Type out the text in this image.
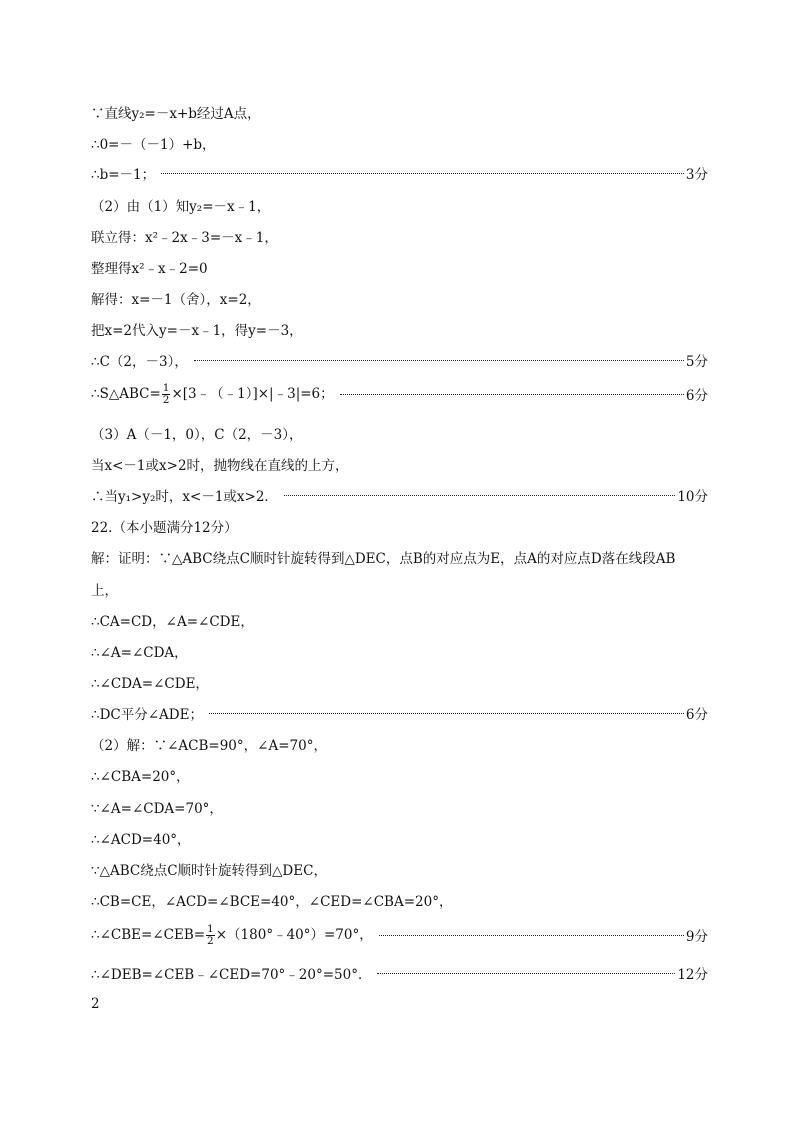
∵直线y₂=－x+b经过A点，
∴0=－（－1）+b，
∴b=－1；	3分
（2）由（1）知y₂=－x﹣1，
联立得：x²﹣2x﹣3=－x﹣1，
整理得x²﹣x﹣2=0
解得：x=－1（舍），x=2，
把x=2代入y=－x﹣1，得y=－3，
∴C（2，－3），	5分
∴S△ABC= $\frac{1}{2}$ ×[3﹣（﹣1）]×|﹣3|=6；	6分
（3）A（－1，0），C（2，－3），
当x<－1或x>2时，抛物线在直线的上方，
∴当y₁>y₂时，x<－1或x>2．	10分
22.（本小题满分12分）
解：证明：∵△ABC绕点C顺时针旋转得到△DEC，点B的对应点为E，点A的对应点D落在线段AB
上，
∴CA=CD，∠A=∠CDE，
∴∠A=∠CDA，
∴∠CDA=∠CDE，
∴DC平分∠ADE；	6分
（2）解：∵∠ACB=90°，∠A=70°，
∴∠CBA=20°，
∵∠A=∠CDA=70°，
∴∠ACD=40°，
∵△ABC绕点C顺时针旋转得到△DEC，
∴CB=CE，∠ACD=∠BCE=40°，∠CED=∠CBA=20°，
∴∠CBE=∠CEB= $\frac{1}{2}$ ×（180°﹣40°）=70°，	9分
∴∠DEB=∠CEB﹣∠CED=70°﹣20°=50°．	12分
2
